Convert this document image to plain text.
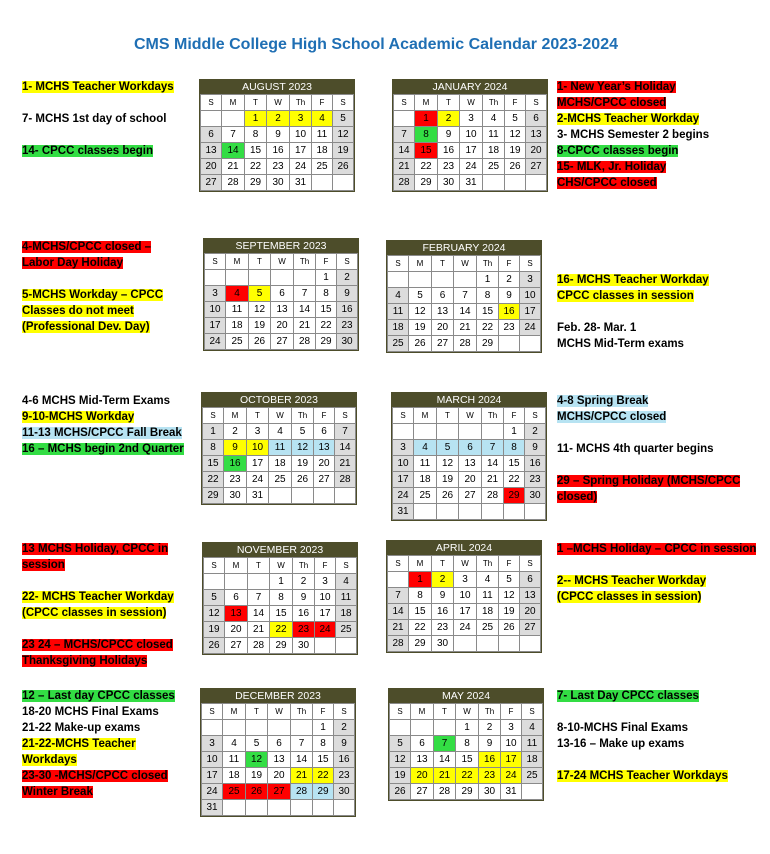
CMS Middle College High School Academic Calendar 2023-2024
AUGUST 2023
S	M	T	W	Th	F	S
		1	2	3	4	5
6	7	8	9	10	11	12
13	14	15	16	17	18	19
20	21	22	23	24	25	26
27	28	29	30	31		
JANUARY 2024
S	M	T	W	Th	F	S
	1	2	3	4	5	6
7	8	9	10	11	12	13
14	15	16	17	18	19	20
21	22	23	24	25	26	27
28	29	30	31			
SEPTEMBER 2023
S	M	T	W	Th	F	S
					1	2
3	4	5	6	7	8	9
10	11	12	13	14	15	16
17	18	19	20	21	22	23
24	25	26	27	28	29	30
FEBRUARY 2024
S	M	T	W	Th	F	S
				1	2	3
4	5	6	7	8	9	10
11	12	13	14	15	16	17
18	19	20	21	22	23	24
25	26	27	28	29		
OCTOBER 2023
S	M	T	W	Th	F	S
1	2	3	4	5	6	7
8	9	10	11	12	13	14
15	16	17	18	19	20	21
22	23	24	25	26	27	28
29	30	31				
MARCH 2024
S	M	T	W	Th	F	S
					1	2
3	4	5	6	7	8	9
10	11	12	13	14	15	16
17	18	19	20	21	22	23
24	25	26	27	28	29	30
31						
NOVEMBER 2023
S	M	T	W	Th	F	S
			1	2	3	4
5	6	7	8	9	10	11
12	13	14	15	16	17	18
19	20	21	22	23	24	25
26	27	28	29	30		
APRIL 2024
S	M	T	W	Th	F	S
	1	2	3	4	5	6
7	8	9	10	11	12	13
14	15	16	17	18	19	20
21	22	23	24	25	26	27
28	29	30				
DECEMBER 2023
S	M	T	W	Th	F	S
					1	2
3	4	5	6	7	8	9
10	11	12	13	14	15	16
17	18	19	20	21	22	23
24	25	26	27	28	29	30
31						
MAY 2024
S	M	T	W	Th	F	S
			1	2	3	4
5	6	7	8	9	10	11
12	13	14	15	16	17	18
19	20	21	22	23	24	25
26	27	28	29	30	31	
1- MCHS Teacher Workdays
7- MCHS 1st day of school
14- CPCC classes begin
1- New Year’s Holiday
MCHS/CPCC closed
2-MCHS Teacher Workday
3- MCHS Semester 2 begins
8-CPCC classes begin
15- MLK, Jr. Holiday
CHS/CPCC closed
4-MCHS/CPCC closed –
Labor Day Holiday
5-MCHS Workday – CPCC
Classes do not meet
(Professional Dev. Day)
16- MCHS Teacher Workday
CPCC classes in session
Feb. 28- Mar. 1
MCHS Mid-Term exams
4-6 MCHS Mid-Term Exams
9-10-MCHS Workday
11-13 MCHS/CPCC Fall Break
16 – MCHS begin 2nd Quarter
4-8 Spring Break
MCHS/CPCC closed
11- MCHS 4th quarter begins
29 – Spring Holiday (MCHS/CPCC
closed)
13 MCHS Holiday, CPCC in
session
22- MCHS Teacher Workday
(CPCC classes in session)
23 24 – MCHS/CPCC closed
Thanksgiving Holidays
1 –MCHS Holiday – CPCC in session
2-- MCHS Teacher Workday
(CPCC classes in session)
12 – Last day CPCC classes
18-20 MCHS Final Exams
21-22 Make-up exams
21-22-MCHS Teacher
Workdays
23-30 -MCHS/CPCC closed
Winter Break
7- Last Day CPCC classes
8-10-MCHS Final Exams
13-16 – Make up exams
17-24 MCHS Teacher Workdays
